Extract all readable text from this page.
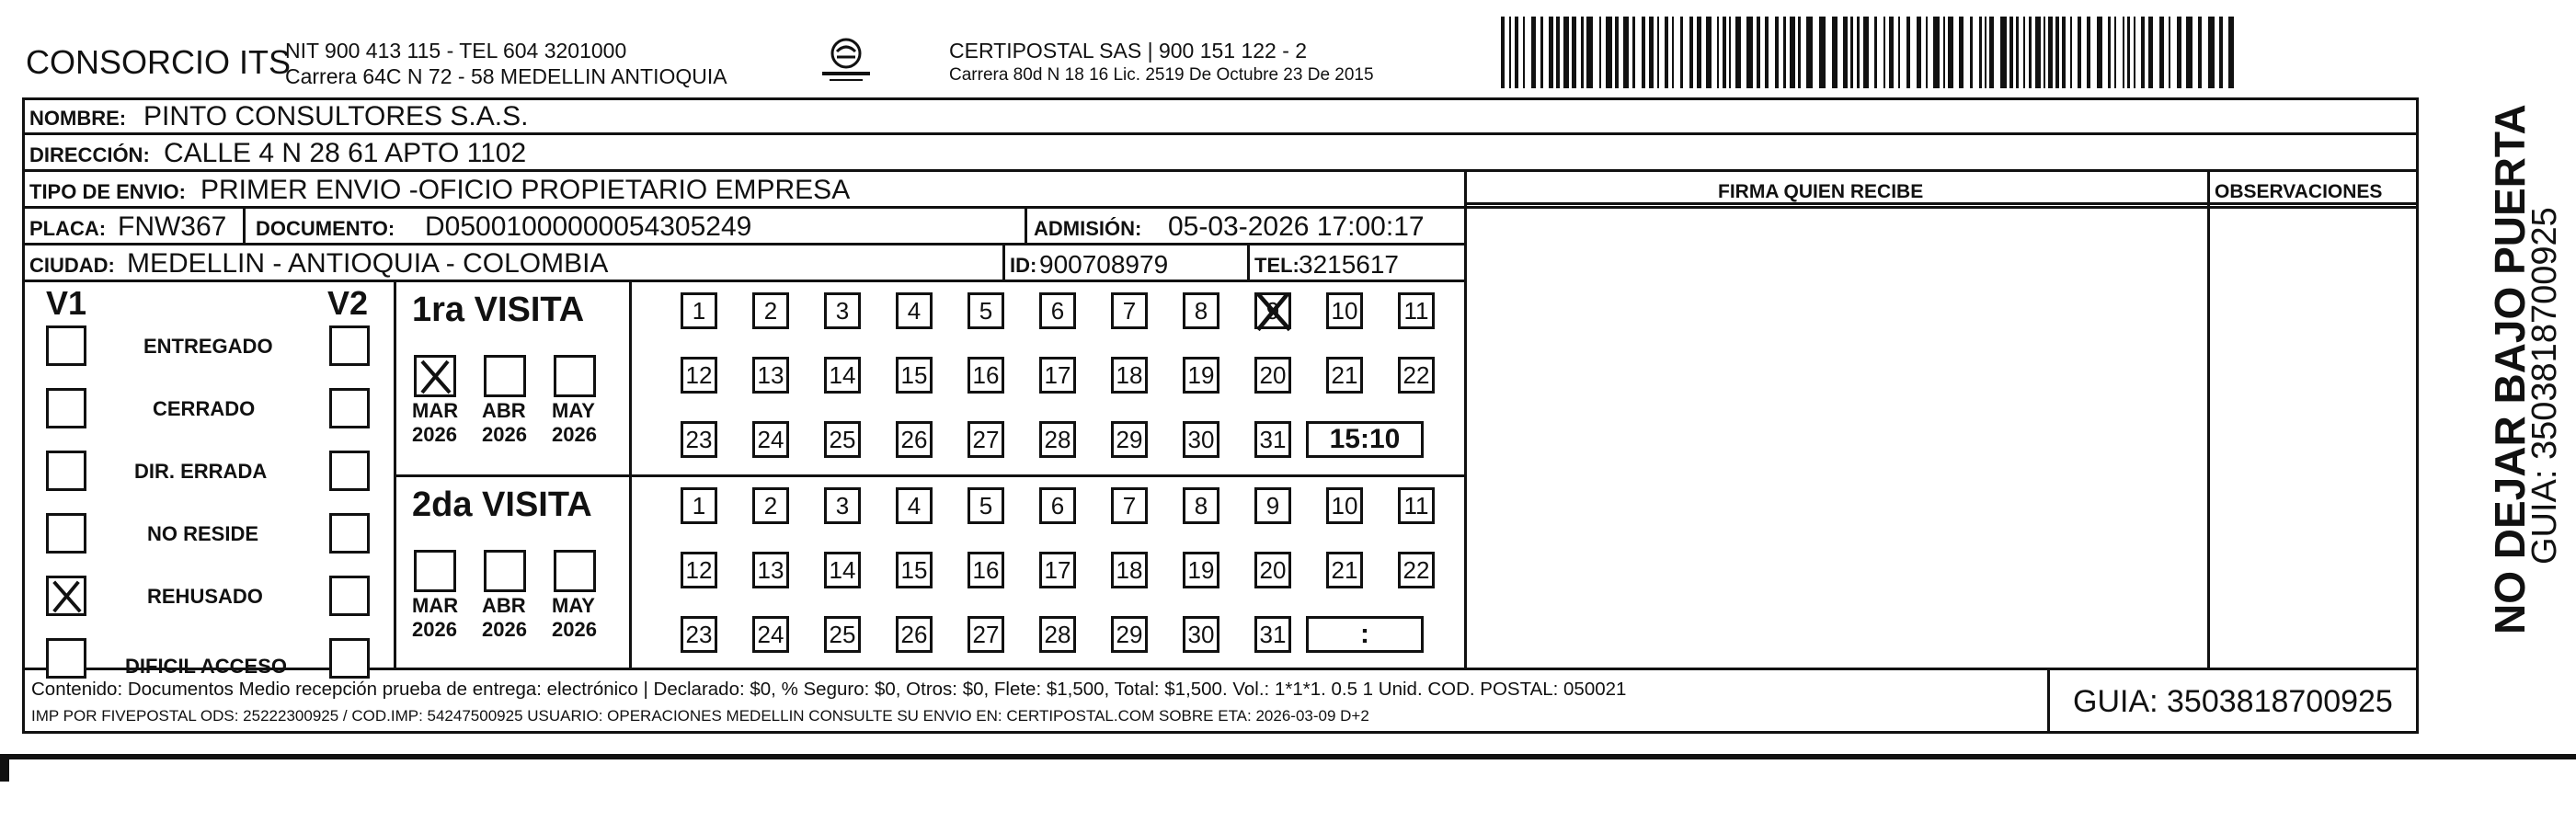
CONSORCIO ITS
NIT 900 413 115 - TEL 604 3201000
Carrera 64C N 72 - 58 MEDELLIN ANTIOQUIA
CERTIPOSTAL SAS | 900 151 122 - 2
Carrera 80d N 18 16 Lic. 2519 De Octubre 23 De 2015
NOMBRE: PINTO CONSULTORES S.A.S.
DIRECCIÓN: CALLE 4 N 28 61 APTO 1102
TIPO DE ENVIO: PRIMER ENVIO -OFICIO PROPIETARIO EMPRESA	FIRMA QUIEN RECIBE	OBSERVACIONES
PLACA: FNW367 DOCUMENTO: D05001000000054305249	ADMISIÓN: 05-03-2026 17:00:17
CIUDAD: MEDELLIN - ANTIOQUIA - COLOMBIA	ID: 900708979	TEL: 3215617
V1	V2 1ra VISITA
2da VISITA
Contenido: Documentos Medio recepción prueba de entrega: electrónico | Declarado: $0, % Seguro: $0, Otros: $0, Flete: $1,500, Total: $1,500. Vol.: 1*1*1. 0.5 1 Unid. COD. POSTAL: 050021
IMP POR FIVEPOSTAL ODS: 25222300925 / COD.IMP: 54247500925 USUARIO: OPERACIONES MEDELLIN CONSULTE SU ENVIO EN: CERTIPOSTAL.COM SOBRE ETA: 2026-03-09 D+2	GUIA: 3503818700925
NO DEJAR BAJO PUERTA
GUIA: 3503818700925
ENTREGADO
CERRADO
DIR. ERRADA
NO RESIDE
REHUSADO
DIFICIL ACCESO
MAR
2026
ABR
2026
MAY
2026
1	2	3	4	5	6	7	8	9	10 11
12 13 14 15 16 17 18 19 20 21 22
23 24 25 26 27 28 29 30 31	15:10
MAR
2026
ABR
2026
MAY
2026
1	2	3	4	5	6	7	8	9	10 11
12 13 14 15 16 17 18 19 20 21 22
23 24 25 26 27 28 29 30 31	:
